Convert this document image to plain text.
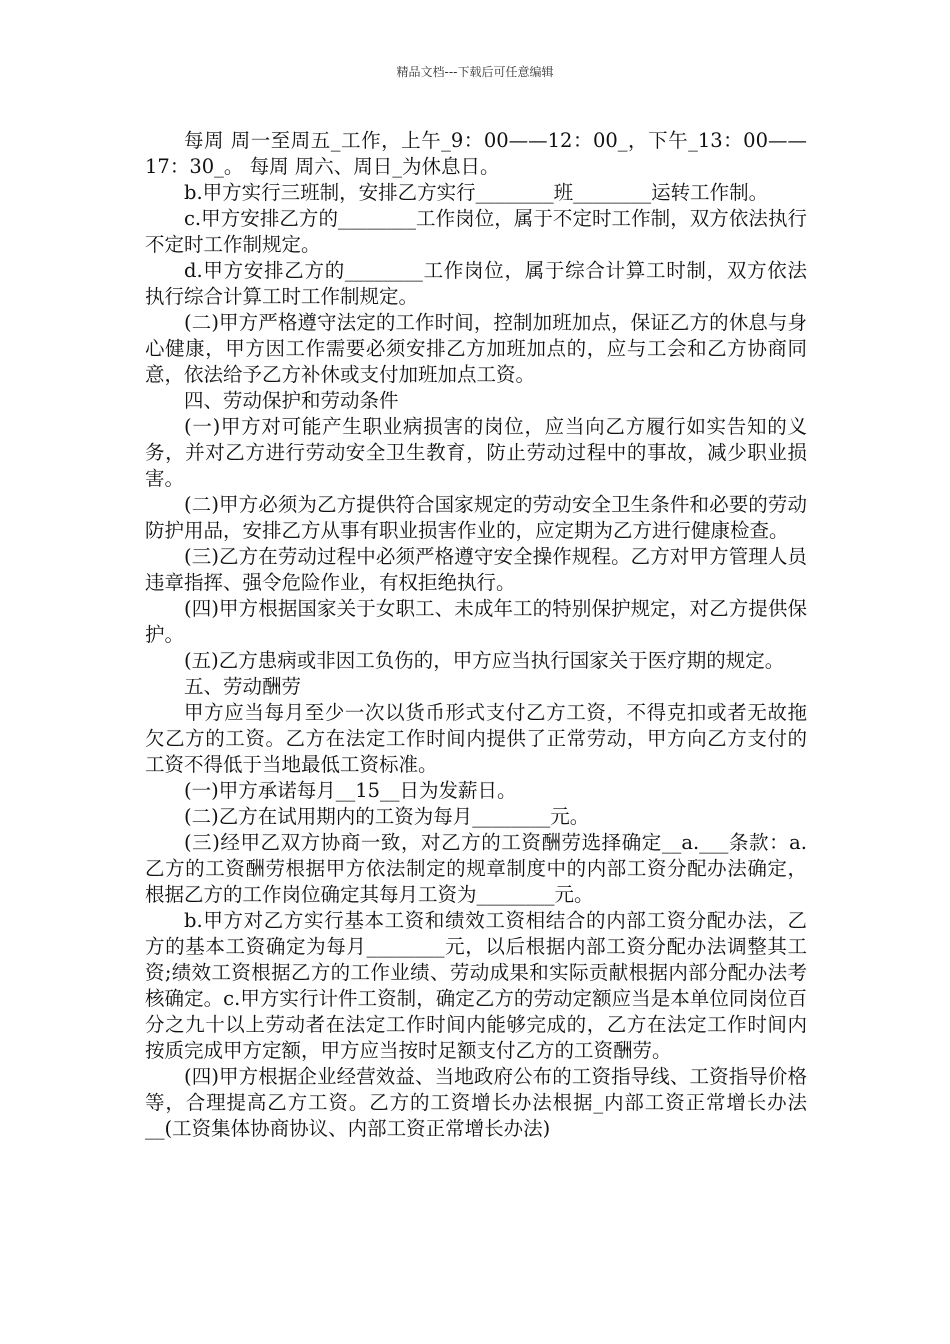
精品文档---下载后可任意编辑

每周 周一至周五_工作，上午_9：00——12：00_，下午_13：00——17：30_。 每周 周六、周日_为休息日。

b.甲方实行三班制，安排乙方实行________班________运转工作制。

c.甲方安排乙方的________工作岗位，属于不定时工作制，双方依法执行不定时工作制规定。

d.甲方安排乙方的________工作岗位，属于综合计算工时制，双方依法执行综合计算工时工作制规定。

(二)甲方严格遵守法定的工作时间，控制加班加点，保证乙方的休息与身心健康，甲方因工作需要必须安排乙方加班加点的，应与工会和乙方协商同意，依法给予乙方补休或支付加班加点工资。

四、劳动保护和劳动条件

(一)甲方对可能产生职业病损害的岗位，应当向乙方履行如实告知的义务，并对乙方进行劳动安全卫生教育，防止劳动过程中的事故，减少职业损害。

(二)甲方必须为乙方提供符合国家规定的劳动安全卫生条件和必要的劳动防护用品，安排乙方从事有职业损害作业的，应定期为乙方进行健康检查。

(三)乙方在劳动过程中必须严格遵守安全操作规程。乙方对甲方管理人员违章指挥、强令危险作业，有权拒绝执行。

(四)甲方根据国家关于女职工、未成年工的特别保护规定，对乙方提供保护。

(五)乙方患病或非因工负伤的，甲方应当执行国家关于医疗期的规定。

五、劳动酬劳

甲方应当每月至少一次以货币形式支付乙方工资，不得克扣或者无故拖欠乙方的工资。乙方在法定工作时间内提供了正常劳动，甲方向乙方支付的工资不得低于当地最低工资标准。

(一)甲方承诺每月__15__日为发薪日。

(二)乙方在试用期内的工资为每月________元。

(三)经甲乙双方协商一致，对乙方的工资酬劳选择确定__a.___条款：a.乙方的工资酬劳根据甲方依法制定的规章制度中的内部工资分配办法确定，根据乙方的工作岗位确定其每月工资为________元。

b.甲方对乙方实行基本工资和绩效工资相结合的内部工资分配办法，乙方的基本工资确定为每月________元，以后根据内部工资分配办法调整其工资;绩效工资根据乙方的工作业绩、劳动成果和实际贡献根据内部分配办法考核确定。c.甲方实行计件工资制，确定乙方的劳动定额应当是本单位同岗位百分之九十以上劳动者在法定工作时间内能够完成的，乙方在法定工作时间内按质完成甲方定额，甲方应当按时足额支付乙方的工资酬劳。

(四)甲方根据企业经营效益、当地政府公布的工资指导线、工资指导价格等，合理提高乙方工资。乙方的工资增长办法根据_内部工资正常增长办法__(工资集体协商协议、内部工资正常增长办法)
